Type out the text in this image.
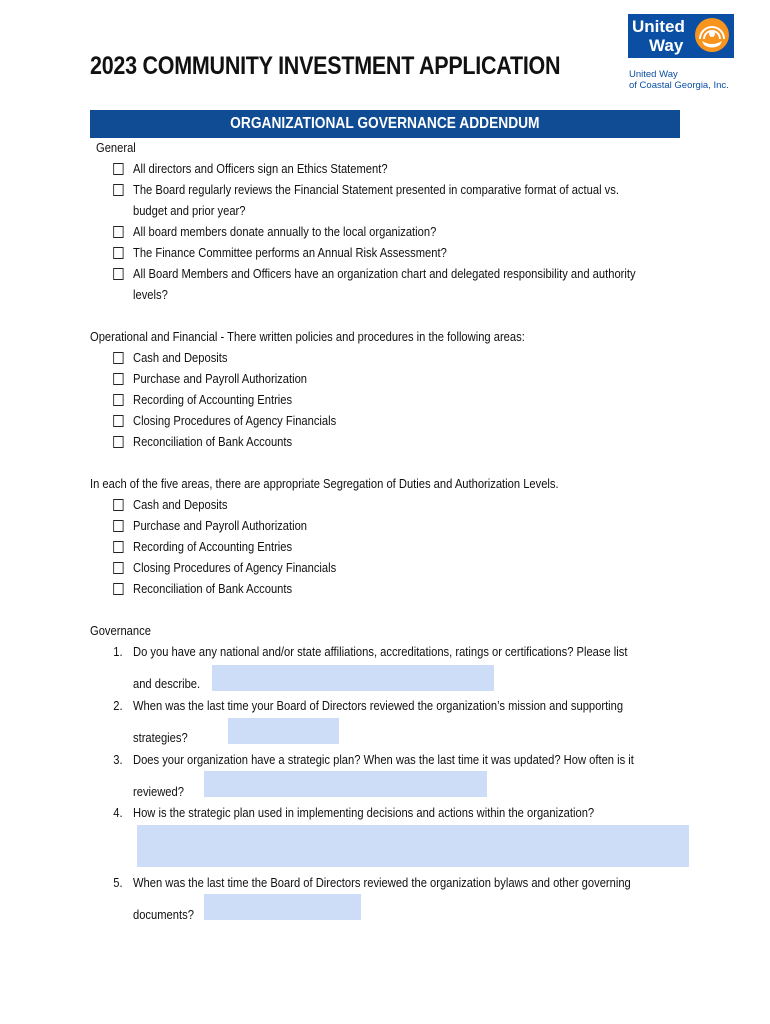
2023 COMMUNITY INVESTMENT APPLICATION
United
Way
United Way
of Coastal Georgia, Inc.
ORGANIZATIONAL GOVERNANCE ADDENDUM

General

All directors and Officers sign an Ethics Statement?
The Board regularly reviews the Financial Statement presented in comparative format of actual vs.
budget and prior year?
All board members donate annually to the local organization?
The Finance Committee performs an Annual Risk Assessment?
All Board Members and Officers have an organization chart and delegated responsibility and authority
levels?

Operational and Financial - There written policies and procedures in the following areas:

Cash and Deposits
Purchase and Payroll Authorization
Recording of Accounting Entries
Closing Procedures of Agency Financials
Reconciliation of Bank Accounts

In each of the five areas, there are appropriate Segregation of Duties and Authorization Levels.

Cash and Deposits
Purchase and Payroll Authorization
Recording of Accounting Entries
Closing Procedures of Agency Financials
Reconciliation of Bank Accounts

Governance

1. Do you have any national and/or state affiliations, accreditations, ratings or certifications? Please list
and describe.
2. When was the last time your Board of Directors reviewed the organization’s mission and supporting
strategies?
3. Does your organization have a strategic plan? When was the last time it was updated? How often is it
reviewed?
4. How is the strategic plan used in implementing decisions and actions within the organization?
5. When was the last time the Board of Directors reviewed the organization bylaws and other governing
documents?
